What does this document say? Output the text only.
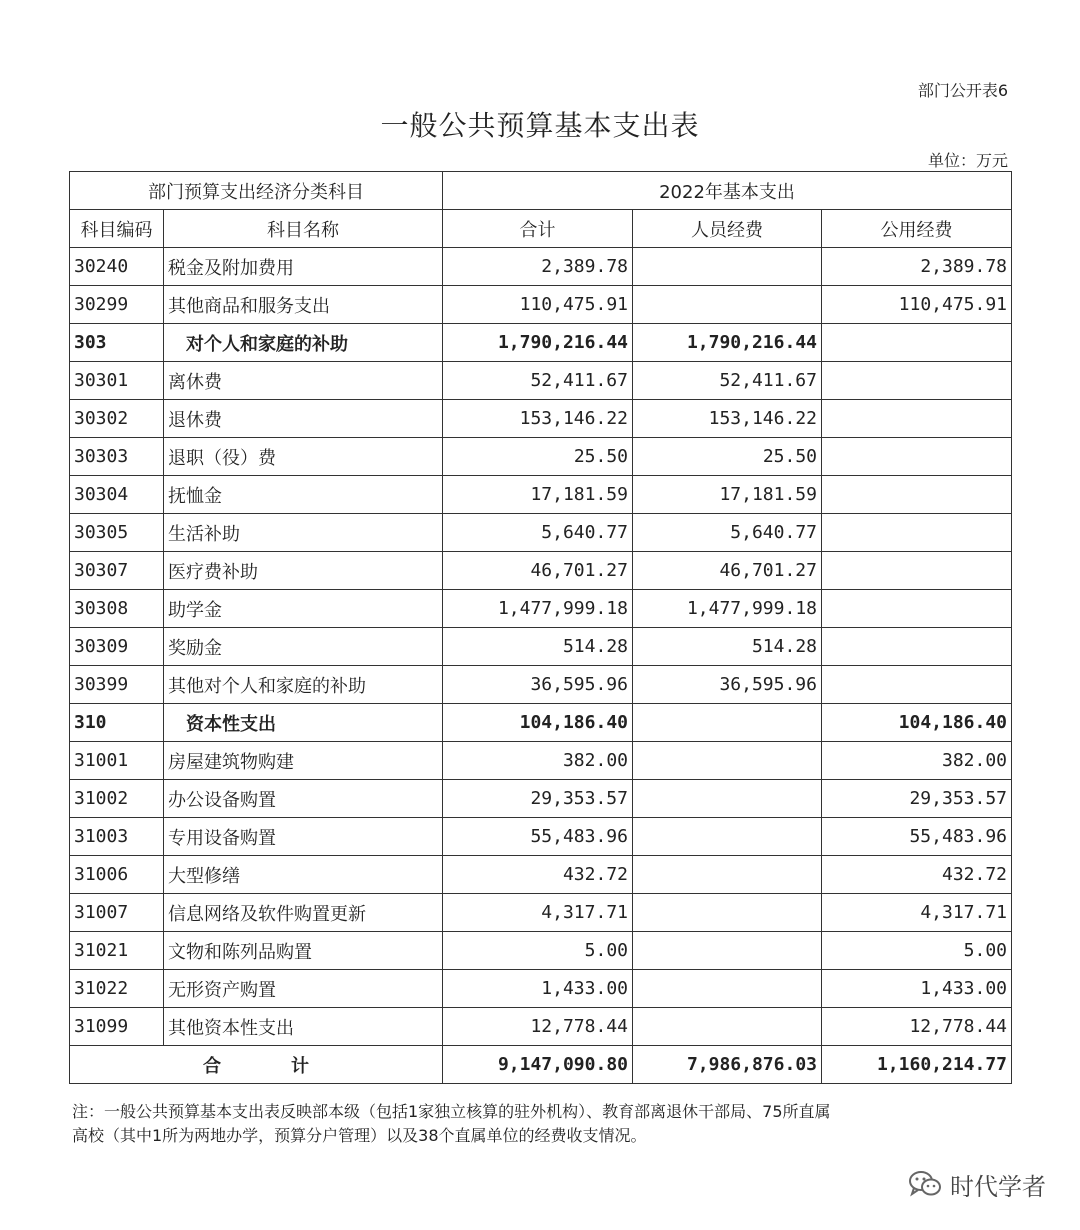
部门公开表6
一般公共预算基本支出表
单位：万元
部门预算支出经济分类科目		2022年基本支出		
科目编码	科目名称	合计	人员经费	公用经费
30240	税金及附加费用	2,389.78		2,389.78
30299	其他商品和服务支出	110,475.91		110,475.91
303	对个人和家庭的补助	1,790,216.44	1,790,216.44	
30301	离休费	52,411.67	52,411.67	
30302	退休费	153,146.22	153,146.22	
30303	退职（役）费	25.50	25.50	
30304	抚恤金	17,181.59	17,181.59	
30305	生活补助	5,640.77	5,640.77	
30307	医疗费补助	46,701.27	46,701.27	
30308	助学金	1,477,999.18	1,477,999.18	
30309	奖励金	514.28	514.28	
30399	其他对个人和家庭的补助	36,595.96	36,595.96	
310	资本性支出	104,186.40		104,186.40
31001	房屋建筑物购建	382.00		382.00
31002	办公设备购置	29,353.57		29,353.57
31003	专用设备购置	55,483.96		55,483.96
31006	大型修缮	432.72		432.72
31007	信息网络及软件购置更新	4,317.71		4,317.71
31021	文物和陈列品购置	5.00		5.00
31022	无形资产购置	1,433.00		1,433.00
31099	其他资本性支出	12,778.44		12,778.44
合 计		9,147,090.80	7,986,876.03	1,160,214.77
注：一般公共预算基本支出表反映部本级（包括1家独立核算的驻外机构）、教育部离退休干部局、75所直属
高校（其中1所为两地办学，预算分户管理）以及38个直属单位的经费收支情况。
时代学者
